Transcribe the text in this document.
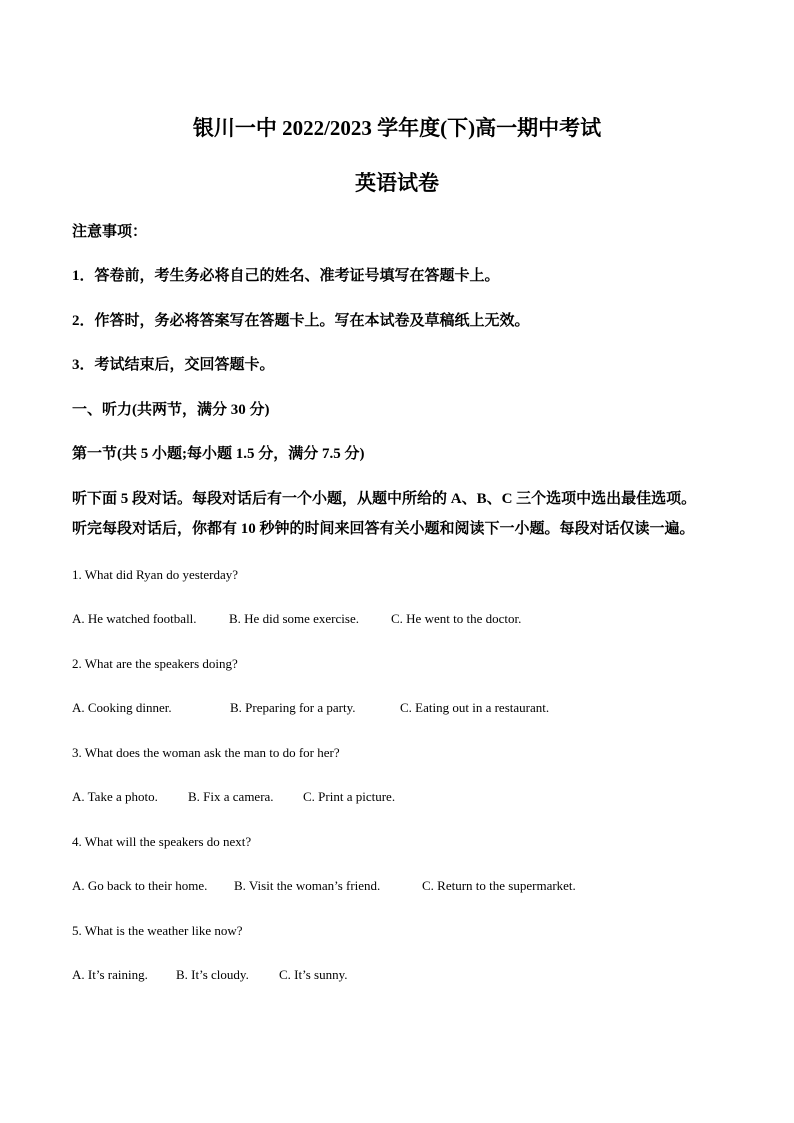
银川一中 2022/2023 学年度(下)高一期中考试
英语试卷
注意事项：
1．答卷前，考生务必将自己的姓名、准考证号填写在答题卡上。
2．作答时，务必将答案写在答题卡上。写在本试卷及草稿纸上无效。
3．考试结束后，交回答题卡。
一、听力(共两节，满分 30 分)
第一节(共 5 小题;每小题 1.5 分，满分 7.5 分)
听下面 5 段对话。每段对话后有一个小题，从题中所给的 A、B、C 三个选项中选出最佳选项。
听完每段对话后，你都有 10 秒钟的时间来回答有关小题和阅读下一小题。每段对话仅读一遍。
1. What did Ryan do yesterday?
A. He watched football. B. He did some exercise. C. He went to the doctor.
2. What are the speakers doing?
A. Cooking dinner.	B. Preparing for a party.	C. Eating out in a restaurant.
3. What does the woman ask the man to do for her?
A. Take a photo. B. Fix a camera. C. Print a picture.
4. What will the speakers do next?
A. Go back to their home. B. Visit the woman’s friend.	C. Return to the supermarket.
5. What is the weather like now?
A. It’s raining. B. It’s cloudy. C. It’s sunny.
